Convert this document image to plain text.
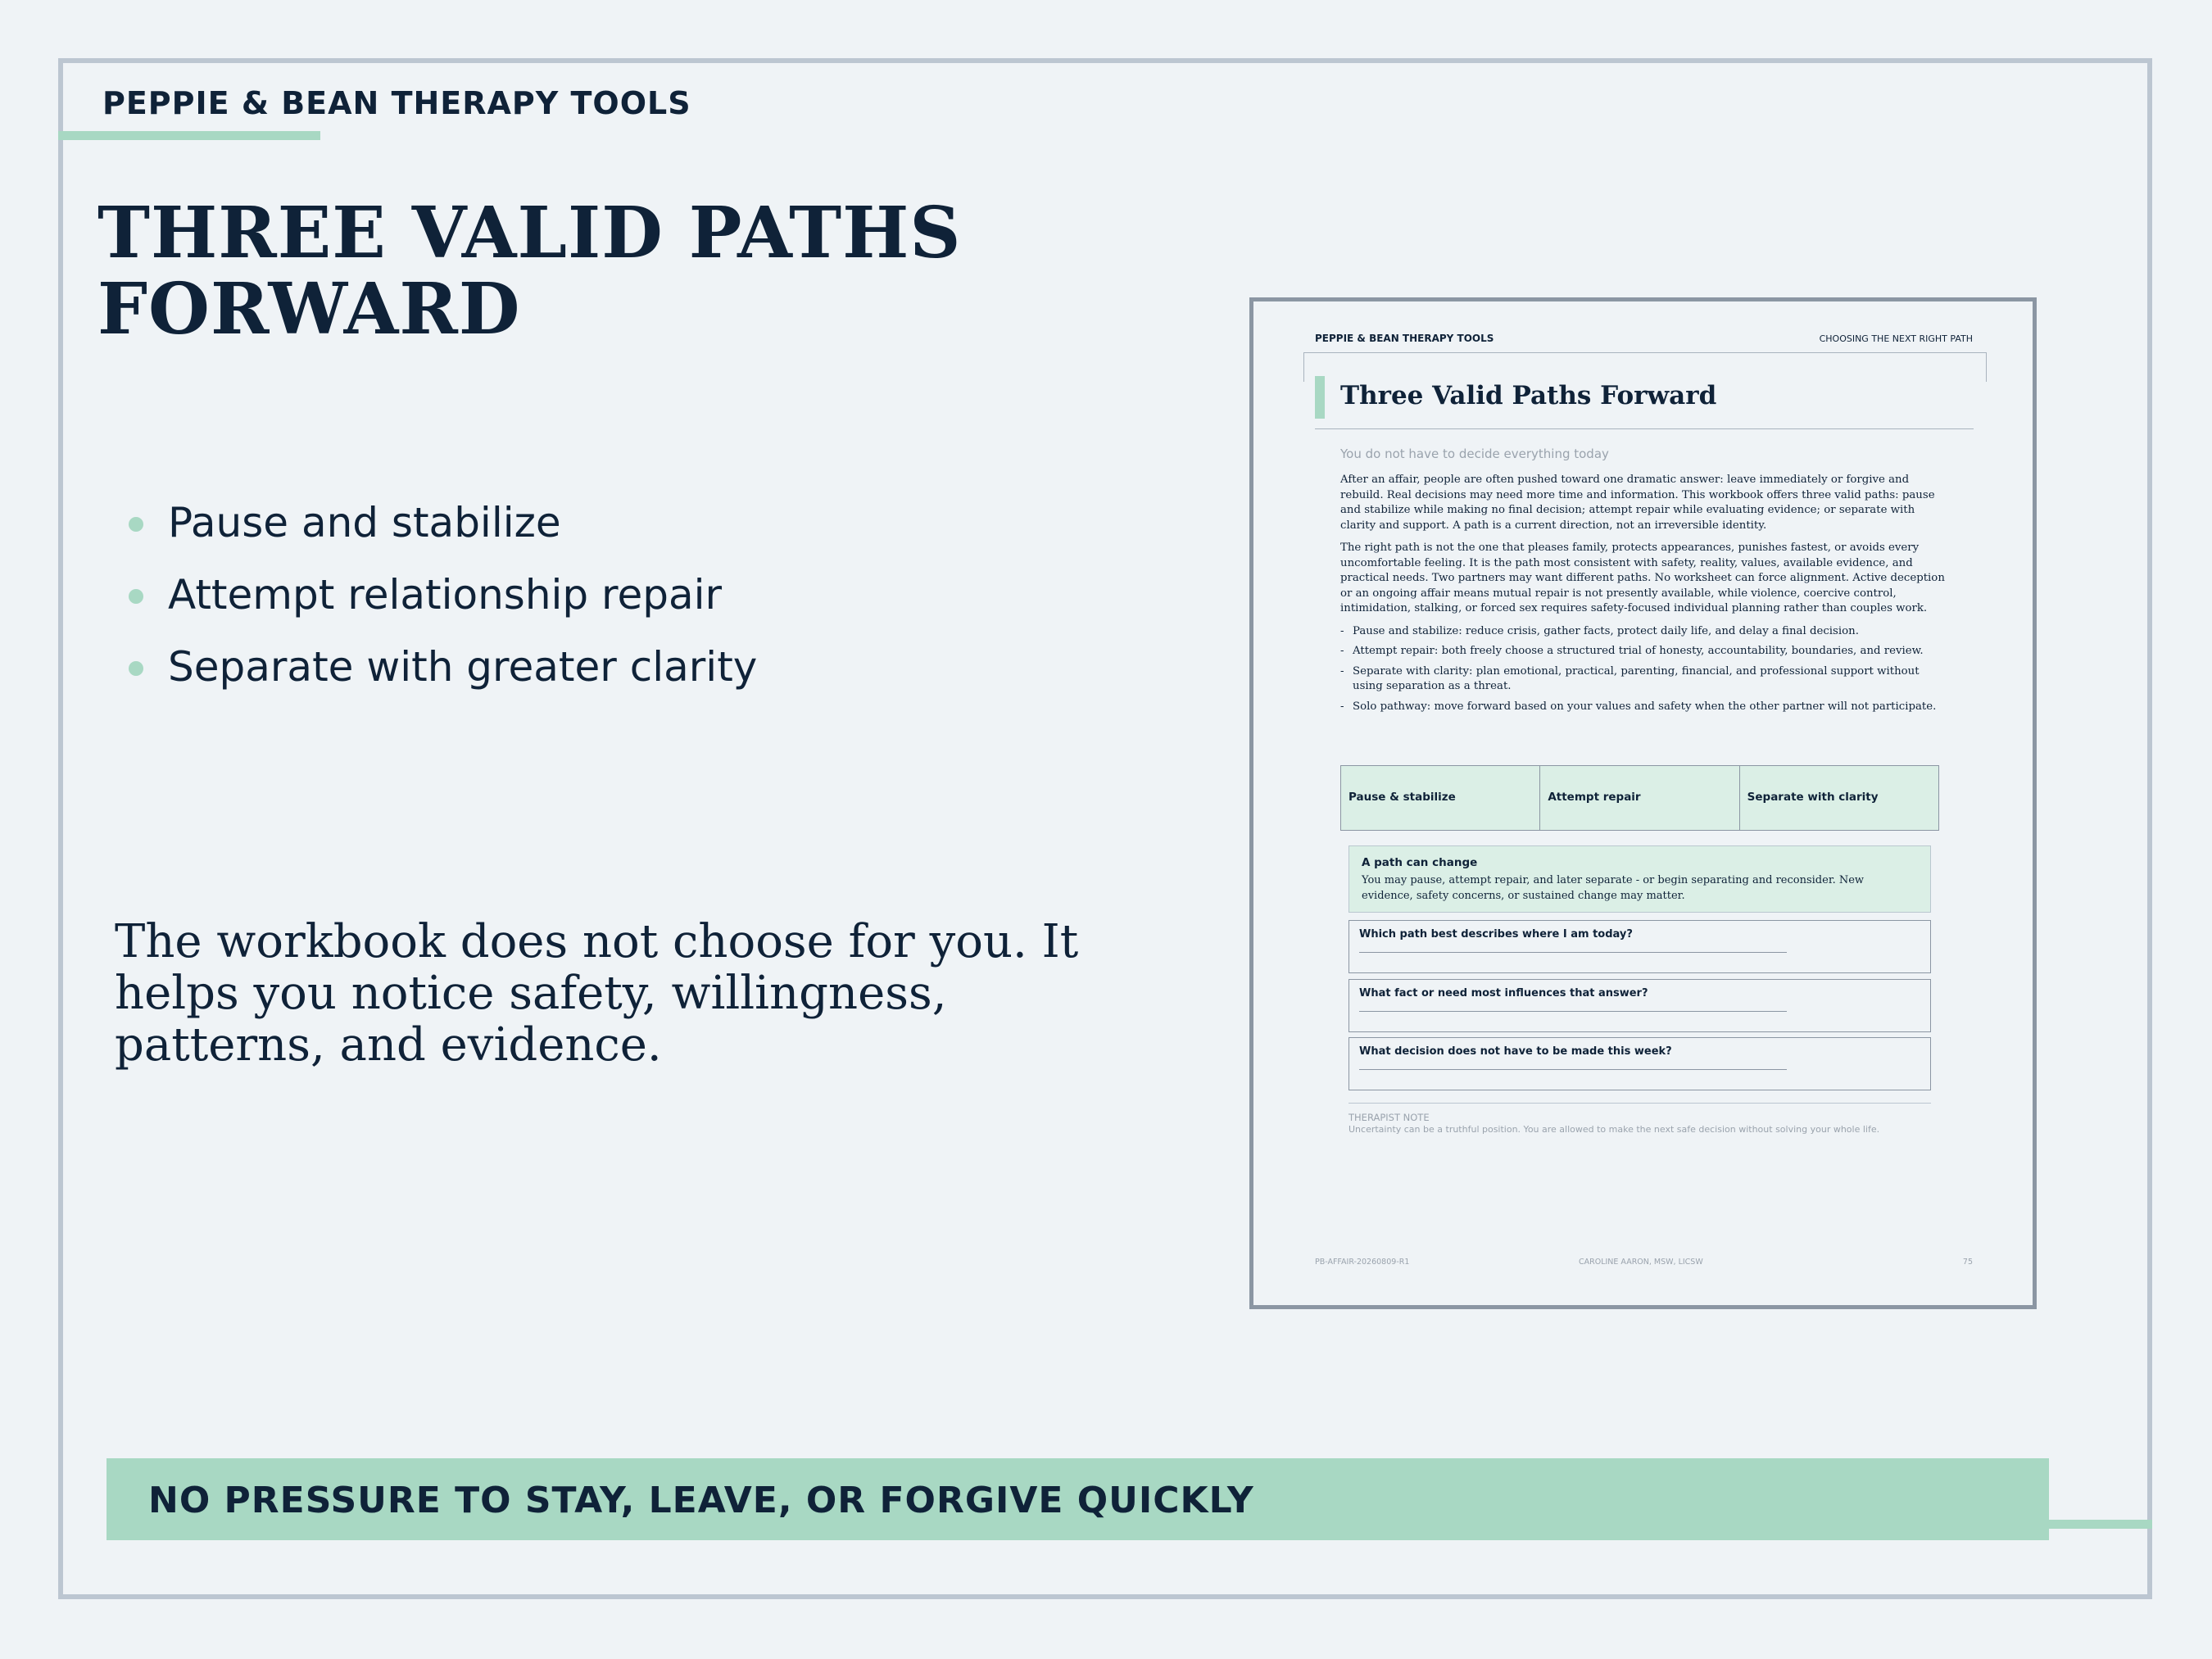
PEPPIE & BEAN THERAPY TOOLS
THREE VALID PATHS FORWARD
Pause and stabilize
Attempt relationship repair
Separate with greater clarity
The workbook does not choose for you. It helps you notice safety, willingness, patterns, and evidence.
PEPPIE & BEAN THERAPY TOOLS	CHOOSING THE NEXT RIGHT PATH
Three Valid Paths Forward
You do not have to decide everything today

After an affair, people are often pushed toward one dramatic answer: leave immediately or forgive and rebuild. Real decisions may need more time and information. This workbook offers three valid paths: pause and stabilize while making no final decision; attempt repair while evaluating evidence; or separate with clarity and support. A path is a current direction, not an irreversible identity.

The right path is not the one that pleases family, protects appearances, punishes fastest, or avoids every uncomfortable feeling. It is the path most consistent with safety, reality, values, available evidence, and practical needs. Two partners may want different paths. No worksheet can force alignment. Active deception or an ongoing affair means mutual repair is not presently available, while violence, coercive control, intimidation, stalking, or forced sex requires safety-focused individual planning rather than couples work.

- Pause and stabilize: reduce crisis, gather facts, protect daily life, and delay a final decision.
- Attempt repair: both freely choose a structured trial of honesty, accountability, boundaries, and review.
- Separate with clarity: plan emotional, practical, parenting, financial, and professional support without using separation as a threat.
- Solo pathway: move forward based on your values and safety when the other partner will not participate.
Pause & stabilize	Attempt repair	Separate with clarity
A path can change
You may pause, attempt repair, and later separate - or begin separating and reconsider. New evidence, safety concerns, or sustained change may matter.
Which path best describes where I am today?
What fact or need most influences that answer?
What decision does not have to be made this week?
THERAPIST NOTE
Uncertainty can be a truthful position. You are allowed to make the next safe decision without solving your whole life.
PB-AFFAIR-20260809-R1	CAROLINE AARON, MSW, LICSW	75
NO PRESSURE TO STAY, LEAVE, OR FORGIVE QUICKLY
